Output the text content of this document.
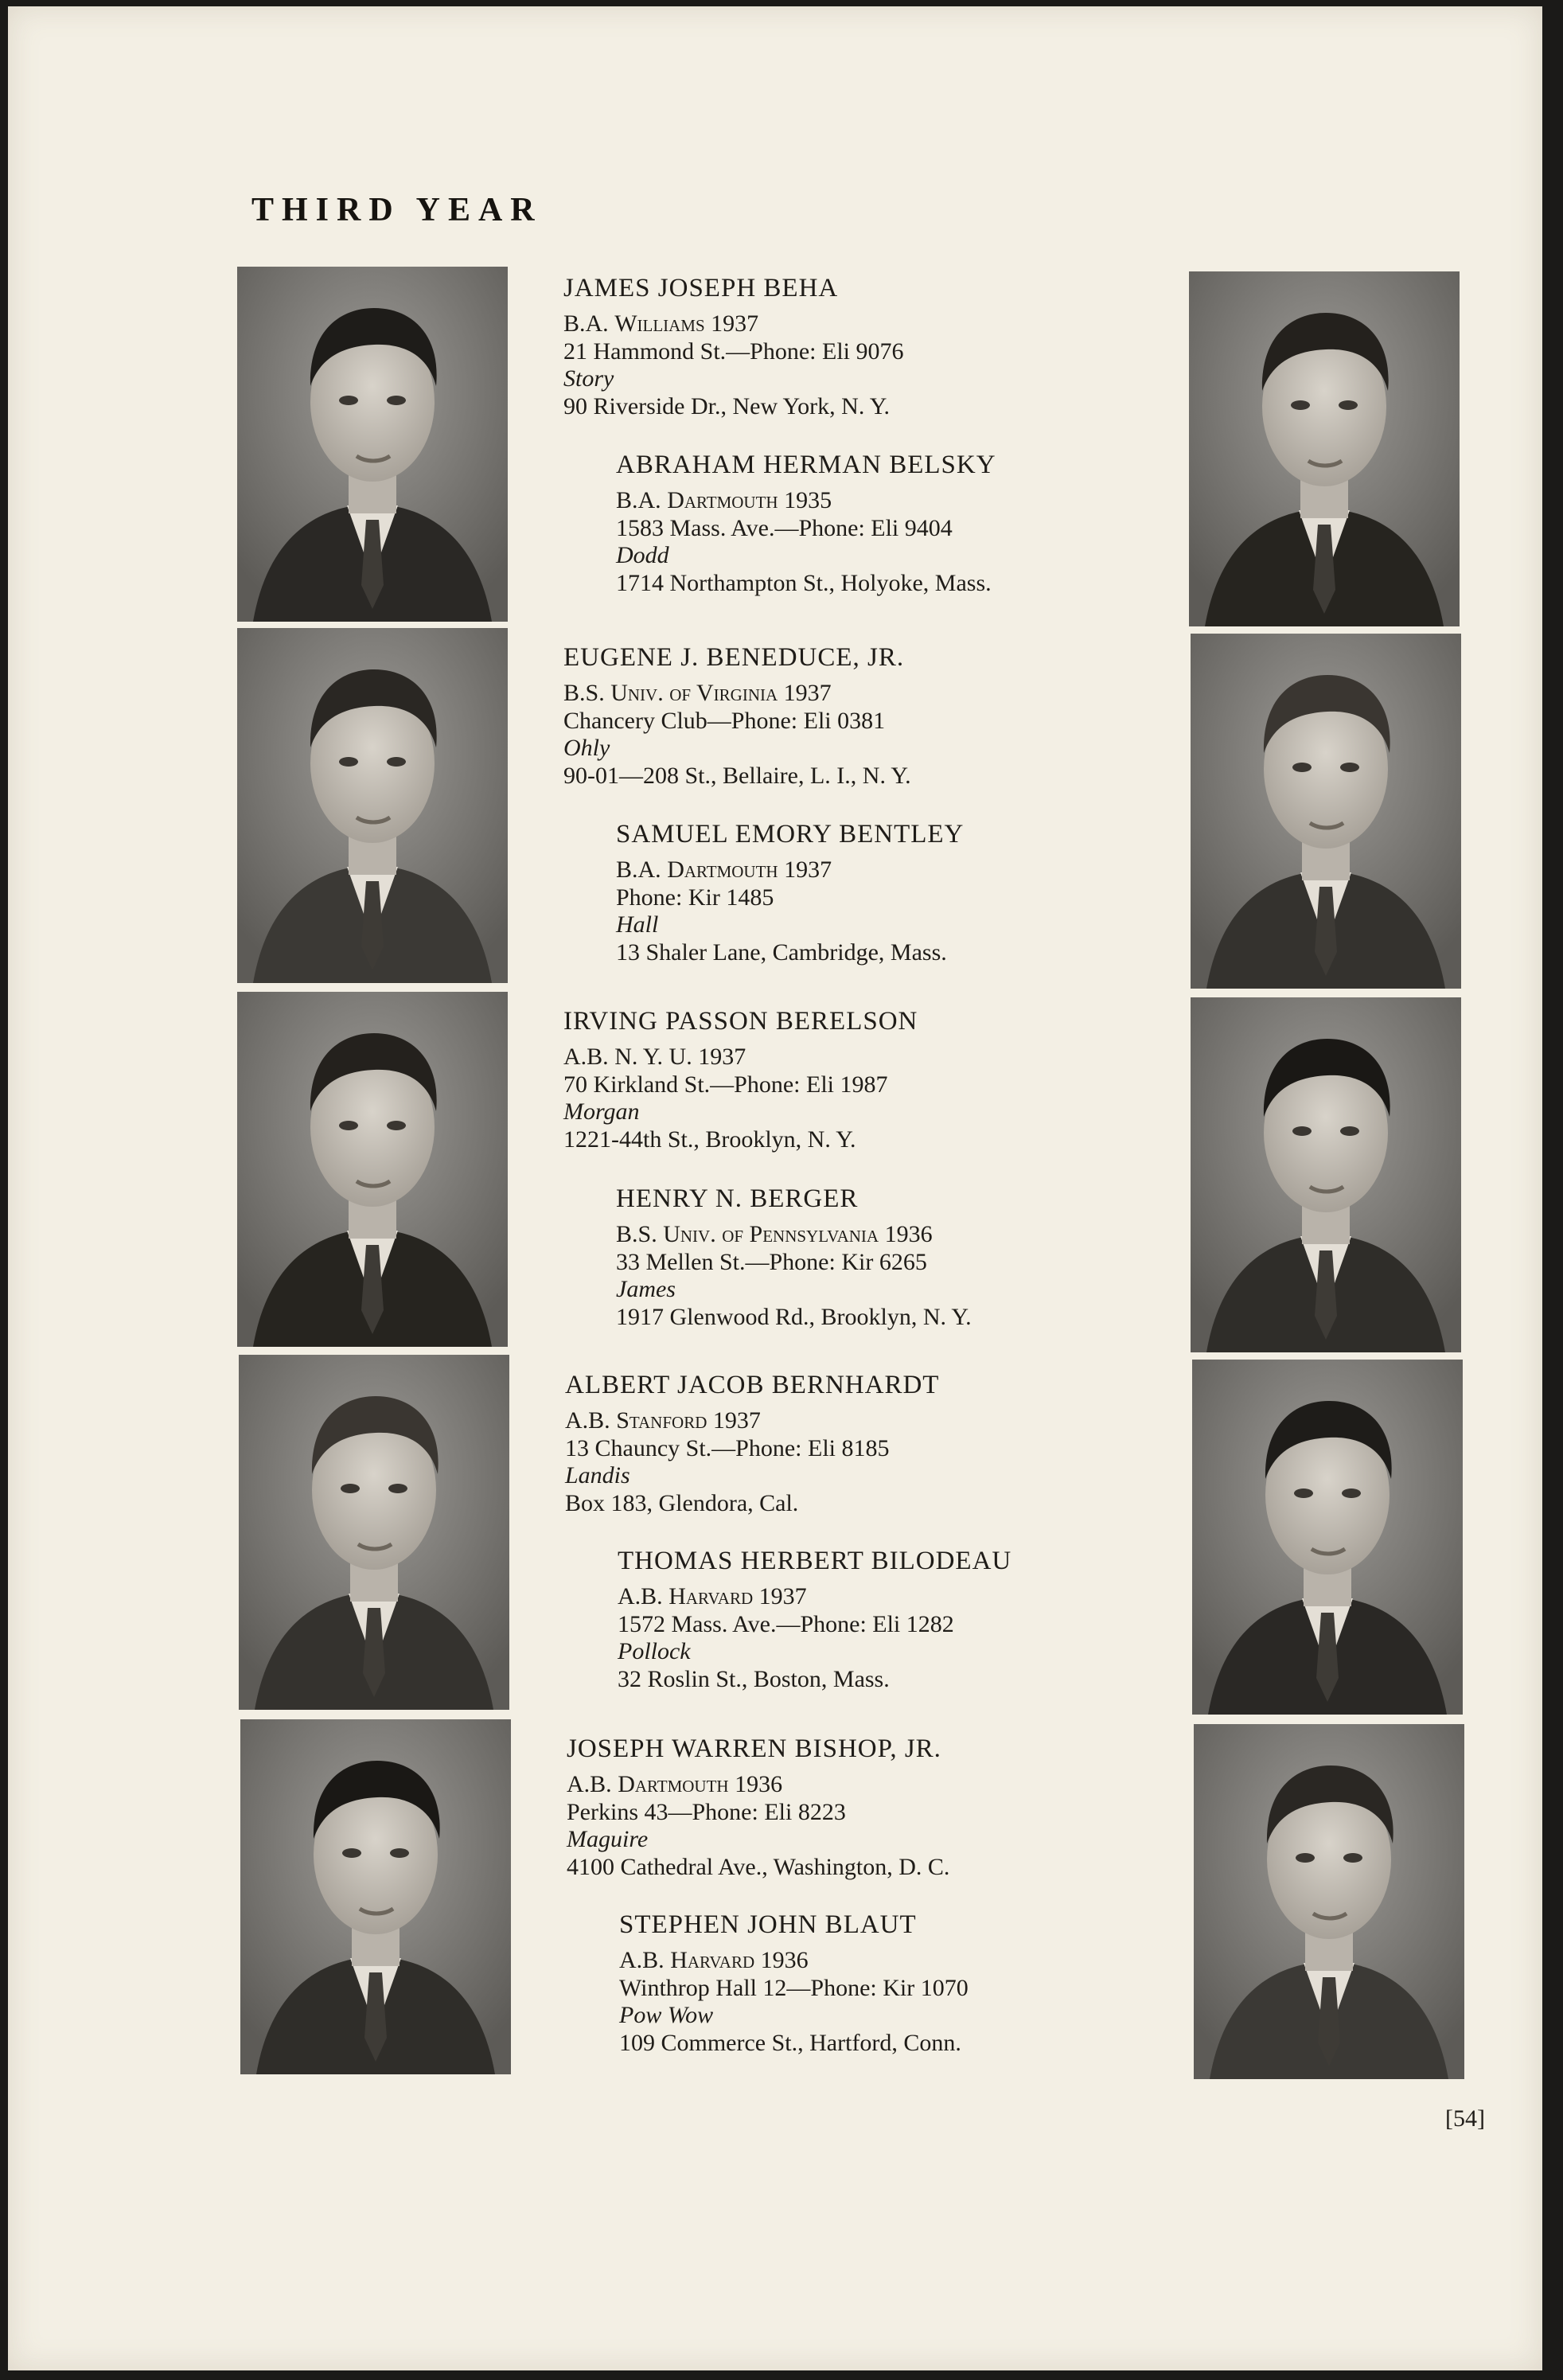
THIRD YEAR
JAMES JOSEPH BEHA
B.A. Williams 1937
21 Hammond St.—Phone: Eli 9076
Story
90 Riverside Dr., New York, N. Y.
ABRAHAM HERMAN BELSKY
B.A. Dartmouth 1935
1583 Mass. Ave.—Phone: Eli 9404
Dodd
1714 Northampton St., Holyoke, Mass.
EUGENE J. BENEDUCE, JR.
B.S. Univ. of Virginia 1937
Chancery Club—Phone: Eli 0381
Ohly
90-01—208 St., Bellaire, L. I., N. Y.
SAMUEL EMORY BENTLEY
B.A. Dartmouth 1937
Phone: Kir 1485
Hall
13 Shaler Lane, Cambridge, Mass.
IRVING PASSON BERELSON
A.B. N. Y. U. 1937
70 Kirkland St.—Phone: Eli 1987
Morgan
1221-44th St., Brooklyn, N. Y.
HENRY N. BERGER
B.S. Univ. of Pennsylvania 1936
33 Mellen St.—Phone: Kir 6265
James
1917 Glenwood Rd., Brooklyn, N. Y.
ALBERT JACOB BERNHARDT
A.B. Stanford 1937
13 Chauncy St.—Phone: Eli 8185
Landis
Box 183, Glendora, Cal.
THOMAS HERBERT BILODEAU
A.B. Harvard 1937
1572 Mass. Ave.—Phone: Eli 1282
Pollock
32 Roslin St., Boston, Mass.
JOSEPH WARREN BISHOP, JR.
A.B. Dartmouth 1936
Perkins 43—Phone: Eli 8223
Maguire
4100 Cathedral Ave., Washington, D. C.
STEPHEN JOHN BLAUT
A.B. Harvard 1936
Winthrop Hall 12—Phone: Kir 1070
Pow Wow
109 Commerce St., Hartford, Conn.
[54]
